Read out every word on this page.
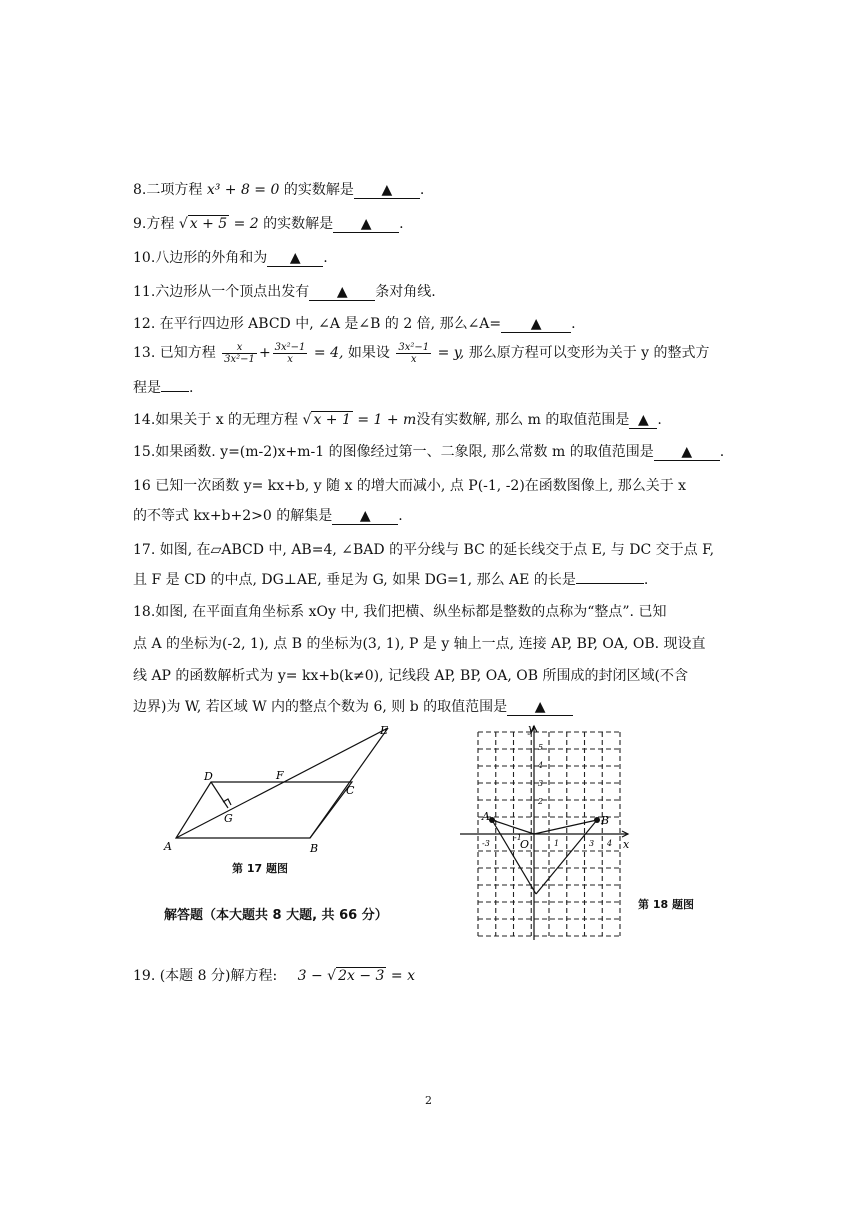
8.二项方程 x³ + 8 = 0 的实数解是 ▲ .
9.方程 √ x + 5 = 2 的实数解是 ▲ .
10.八边形的外角和为 ▲ .
11.六边形从一个顶点出发有 ▲ 条对角线.
12. 在平行四边形 ABCD 中, ∠A 是∠B 的 2 倍, 那么∠A= ▲ .
13. 已知方程 $\frac{x}{\text{3x²−1}} + \frac{\text{3x²−1}}{x} = 4$, 如果设 $\frac{\text{3x²−1}}{x} = y$, 那么原方程可以变形为关于 y 的整式方
程是 .
14.如果关于 x 的无理方程 √ x + 1 = 1 + m没有实数解, 那么 m 的取值范围是 ▲ .
15.如果函数. y=(m-2)x+m-1 的图像经过第一、二象限, 那么常数 m 的取值范围是 ▲ .
16 已知一次函数 y= kx+b, y 随 x 的增大而减小, 点 P(-1, -2)在函数图像上, 那么关于 x
的不等式 kx+b+2>0 的解集是 ▲ .
17. 如图, 在▱ABCD 中, AB=4, ∠BAD 的平分线与 BC 的延长线交于点 E, 与 DC 交于点 F,
且 F 是 CD 的中点, DG⊥AE, 垂足为 G, 如果 DG=1, 那么 AE 的长是	.
18.如图, 在平面直角坐标系 xOy 中, 我们把横、纵坐标都是整数的点称为“整点”. 已知
点 A 的坐标为(-2, 1), 点 B 的坐标为(3, 1), P 是 y 轴上一点, 连接 AP, BP, OA, OB. 现设直
线 AP 的函数解析式为 y= kx+b(k≠0), 记线段 AP, BP, OA, OB 所围成的封闭区域(不含
边界)为 W, 若区域 W 内的整点个数为 6, 则 b 的取值范围是 ▲
A	B
C
D
E
F
G
第 17 题图
y
x
O
A	B
1	3 4
-3
-1
5
4
3
2
第 18 题图
解答题（本大题共 8 大题, 共 66 分）
19. (本题 8 分)解方程: 3 − √ 2x − 3 = x
2
